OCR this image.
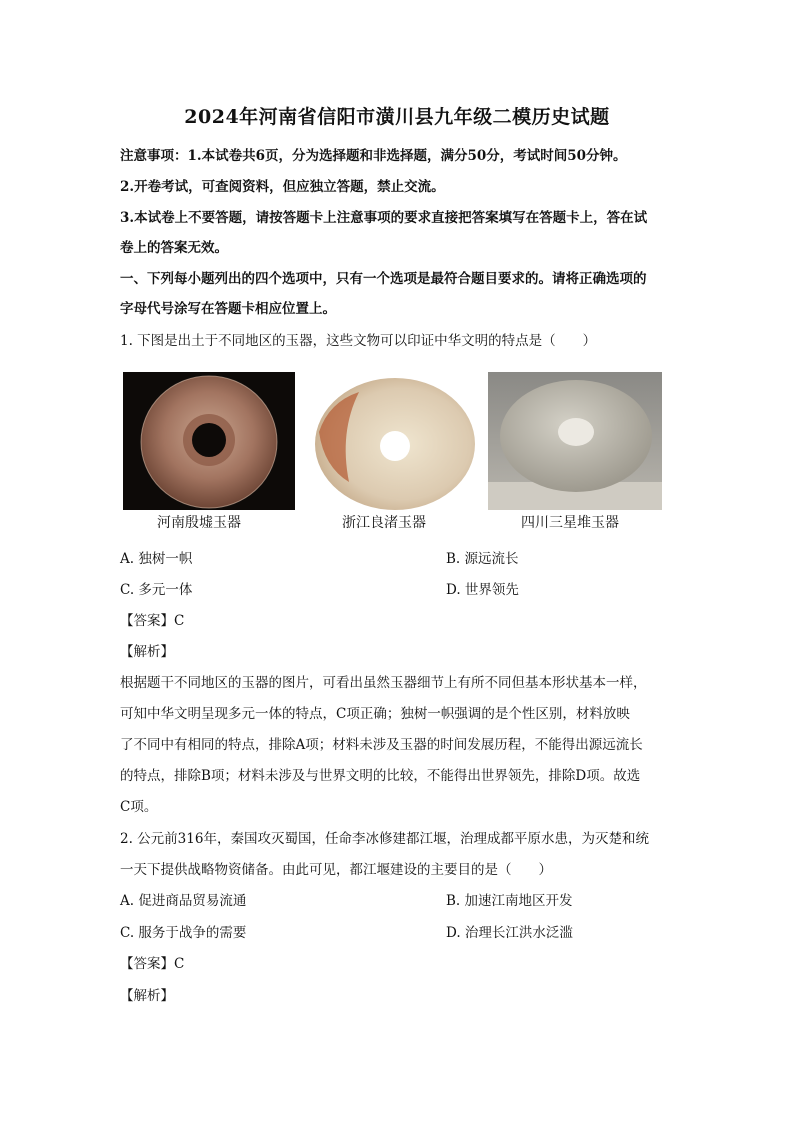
2024年河南省信阳市潢川县九年级二模历史试题
注意事项：1.本试卷共6页，分为选择题和非选择题，满分50分，考试时间50分钟。
2.开卷考试，可查阅资料，但应独立答题，禁止交流。
3.本试卷上不要答题，请按答题卡上注意事项的要求直接把答案填写在答题卡上，答在试
卷上的答案无效。
一、下列每小题列出的四个选项中，只有一个选项是最符合题目要求的。请将正确选项的
字母代号涂写在答题卡相应位置上。
1. 下图是出土于不同地区的玉器，这些文物可以印证中华文明的特点是（　　）
河南殷墟玉器	浙江良渚玉器	四川三星堆玉器
A. 独树一帜	B. 源远流长
C. 多元一体	D. 世界领先
【答案】C
【解析】
根据题干不同地区的玉器的图片，可看出虽然玉器细节上有所不同但基本形状基本一样，
可知中华文明呈现多元一体的特点，C项正确；独树一帜强调的是个性区别，材料放映
了不同中有相同的特点，排除A项；材料未涉及玉器的时间发展历程，不能得出源远流长
的特点，排除B项；材料未涉及与世界文明的比较，不能得出世界领先，排除D项。故选
C项。
2. 公元前316年，秦国攻灭蜀国，任命李冰修建都江堰，治理成都平原水患，为灭楚和统
一天下提供战略物资储备。由此可见，都江堰建设的主要目的是（　　）
A. 促进商品贸易流通	B. 加速江南地区开发
C. 服务于战争的需要	D. 治理长江洪水泛滥
【答案】C
【解析】
